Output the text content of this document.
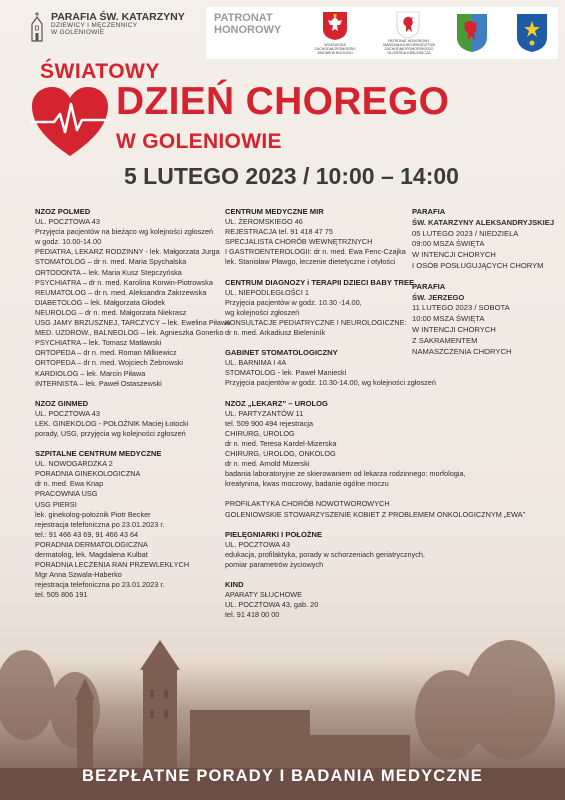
PARAFIA ŚW. KATARZYNY
DZIEWICY I MĘCZENNICY
W GOLENIOWIE
PATRONAT
HONOROWY
WOJEWODA ZACHODNIOPOMORSKI ZBIGNIEW BOGUCKI
PATRONAT HONOROWY MARSZAŁKA WOJEWÓDZTWA ZACHODNIOPOMORSKIEGO OLGIERDA GEBLEWICZA
ŚWIATOWY
DZIEŃ CHOREGO
W GOLENIOWIE
5 LUTEGO 2023 / 10:00 – 14:00
NZOZ POLMED
UL. POCZTOWA 43
Przyjęcia pacjentów na bieżąco wg kolejności zgłoszeń
w godz. 10.00-14.00
PEDIATRA, LEKARZ RODZINNY - lek. Małgorzata Jurga
STOMATOLOG – dr n. med. Maria Spychalska
ORTODONTA – lek. Maria Kusz Stepczyńska
PSYCHIATRA – dr n. med. Karolina Korwin-Piotrowska
REUMATOLOG – dr n. med. Aleksandra Zakrzewska
DIABETOLOG – lek. Małgorzata Głodek
NEUROLOG – dr n. med. Małgorzata Niekrasz
USG JAMY BRZUSZNEJ, TARCZYCY – lek. Ewelina Piława
MED. UZDROW., BALNEOLOG – lek. Agnieszka Gonerko
PSYCHIATRA – lek. Tomasz Matławski
ORTOPEDA – dr n. med. Roman Milkiewicz
ORTOPEDA – dr n. med. Wojciech Żebrowski
KARDIOLOG – lek. Marcin Piława
INTERNISTA – lek. Paweł Ostaszewski
NZOZ GINMED
UL. POCZTOWA 43
LEK. GINEKOLOG - POŁOŻNIK Maciej Łotocki
porady, USG, przyjęcia wg kolejności zgłoszeń
SZPITALNE CENTRUM MEDYCZNE
UL. NOWOGARDZKA 2
PORADNIA GINEKOLOGICZNA
dr n. med. Ewa Knap
PRACOWNIA USG
USG PIERSI
lek. ginekolog-położnik Piotr Becker
rejestracja telefoniczna po 23.01.2023 r.
tel.: 91 466 43 69, 91 466 43 64
PORADNIA DERMATOLOGICZNA
dermatolog, lek. Magdalena Kulbat
PORADNIA LECZENIA RAN PRZEWLEKŁYCH
Mgr Anna Szwala-Haberko
rejestracja telefoniczna po 23.01.2023 r.
tel. 505 806 191
CENTRUM MEDYCZNE MIR
UL. ŻEROMSKIEGO 46
REJESTRACJA tel. 91 418 47 75
SPECJALISTA CHORÓB WEWNĘTRZNYCH
I GASTROENTEROLOGII: dr n. med. Ewa Fenc-Czajka
lek. Stanisław Pławgo, leczenie dietetyczne i otyłości
CENTRUM DIAGNOZY i TERAPII DZIECI BABY TREE
UL. NIEPODLEGŁOŚCI 1
Przyjęcia pacjentów w godz. 10.30 -14.00,
wg kolejności zgłoszeń
KONSULTACJE PEDIATRYCZNE I NEUROLOGICZNE:
dr n. med. Arkadiusz Bieleniník
GABINET STOMATOLOGICZNY
UL. BARNIMA I 4A
STOMATOLOG - lek. Paweł Maniecki
Przyjęcia pacjentów w godz. 10.30-14.00, wg kolejności zgłoszeń
NZOZ „LEKARZ” – UROLOG
UL. PARTYZANTÓW 11
tel. 509 900 494 rejestracja
CHIRURG, UROLOG
dr n. med. Teresa Kardel-Mizerska
CHIRURG, UROLOG, ONKOLOG
dr n. med. Arnold Mizerski
badania laboratoryjne ze skierowaniem od lekarza rodzinnego: morfologia,
kreatynina, kwas moczowy, badanie ogólne moczu

PROFILAKTYKA CHORÓB NOWOTWOROWYCH
GOLENIOWSKIE STOWARZYSZENIE KOBIET Z PROBLEMEM ONKOLOGICZNYM „EWA”
PIELĘGNIARKI I POŁOŻNE
UL. POCZTOWA 43
edukacja, profilaktyka, porady w schorzeniach geriatrycznych,
pomiar parametrów życiowych
KIND
APARATY SŁUCHOWE
UL. POCZTOWA 43, gab. 20
tel. 91 418 00 00
PARAFIA
ŚW. KATARZYNY ALEKSANDRYJSKIEJ
05 LUTEGO 2023 / NIEDZIELA
09:00 MSZA ŚWIĘTA
W INTENCJI CHORYCH
I OSÓB POSŁUGUJĄCYCH CHORYM
PARAFIA
ŚW. JERZEGO
11 LUTEGO 2023 / SOBOTA
10:00 MSZA ŚWIĘTA
W INTENCJI CHORYCH
Z SAKRAMENTEM
NAMASZCZENIA CHORYCH
BEZPŁATNE PORADY I BADANIA MEDYCZNE
